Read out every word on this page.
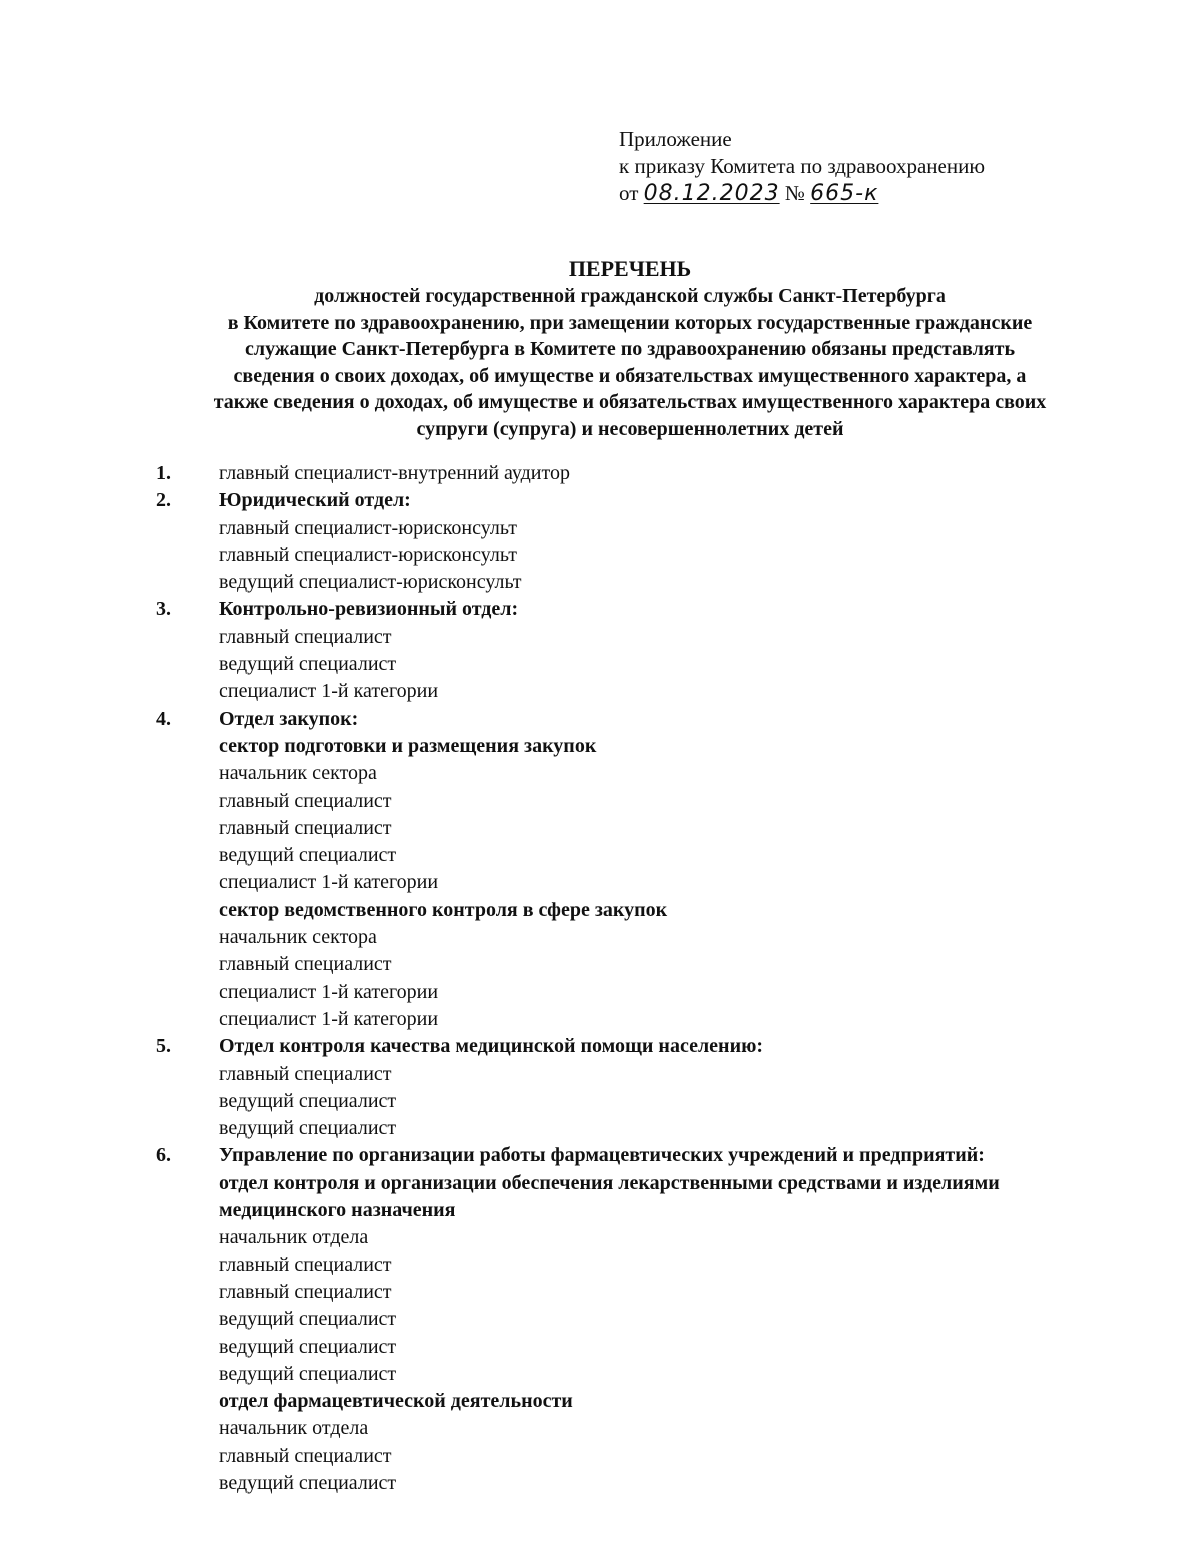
Приложение
к приказу Комитета по здравоохранению
от 08.12.2023 № 665-к
ПЕРЕЧЕНЬ
должностей государственной гражданской службы Санкт-Петербурга
в Комитете по здравоохранению, при замещении которых государственные гражданские
служащие Санкт-Петербурга в Комитете по здравоохранению обязаны представлять
сведения о своих доходах, об имуществе и обязательствах имущественного характера, а
также сведения о доходах, об имуществе и обязательствах имущественного характера своих
супруги (супруга) и несовершеннолетних детей
1. главный специалист-внутренний аудитор
2. Юридический отдел:
главный специалист-юрисконсульт
главный специалист-юрисконсульт
ведущий специалист-юрисконсульт
3. Контрольно-ревизионный отдел:
главный специалист
ведущий специалист
специалист 1-й категории
4. Отдел закупок:
сектор подготовки и размещения закупок
начальник сектора
главный специалист
главный специалист
ведущий специалист
специалист 1-й категории
сектор ведомственного контроля в сфере закупок
начальник сектора
главный специалист
специалист 1-й категории
специалист 1-й категории
5. Отдел контроля качества медицинской помощи населению:
главный специалист
ведущий специалист
ведущий специалист
6. Управление по организации работы фармацевтических учреждений и предприятий:
отдел контроля и организации обеспечения лекарственными средствами и изделиями
медицинского назначения
начальник отдела
главный специалист
главный специалист
ведущий специалист
ведущий специалист
ведущий специалист
отдел фармацевтической деятельности
начальник отдела
главный специалист
ведущий специалист
